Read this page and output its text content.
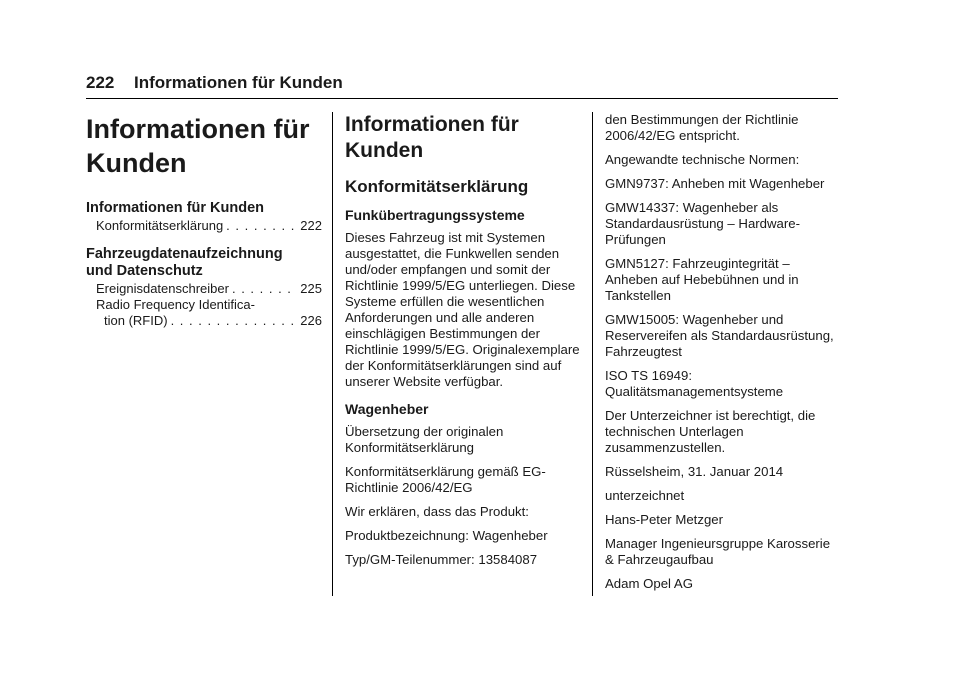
222 Informationen für Kunden
Informationen für
Kunden
Informationen für Kunden
Konformitätserklärung . . .	222
Fahrzeugdatenaufzeichnung
und Datenschutz
Ereignisdatenschreiber . . .	225
Radio Frequency Identifica-
tion (RFID) . . .	226
Informationen für
Kunden
Konformitätserklärung
Funkübertragungssysteme

Dieses Fahrzeug ist mit Systemen ausgestattet, die Funkwellen senden und/oder empfangen und somit der Richtlinie 1999/5/EG unterliegen. Diese Systeme erfüllen die wesentlichen Anforderungen und alle anderen einschlägigen Bestimmungen der Richtlinie 1999/5/EG. Originalexemplare der Konformitätserklärungen sind auf unserer Website verfügbar.

Wagenheber

Übersetzung der originalen Konformitätserklärung

Konformitätserklärung gemäß EG-Richtlinie 2006/42/EG

Wir erklären, dass das Produkt:

Produktbezeichnung: Wagenheber

Typ/GM-Teilenummer: 13584087

den Bestimmungen der Richtlinie 2006/42/EG entspricht.

Angewandte technische Normen:

GMN9737: Anheben mit Wagenheber

GMW14337: Wagenheber als Standardausrüstung – Hardware-Prüfungen

GMN5127: Fahrzeugintegrität – Anheben auf Hebebühnen und in Tankstellen

GMW15005: Wagenheber und Reservereifen als Standardausrüstung, Fahrzeugtest

ISO TS 16949: Qualitätsmanagementsysteme

Der Unterzeichner ist berechtigt, die technischen Unterlagen zusammenzustellen.

Rüsselsheim, 31. Januar 2014

unterzeichnet

Hans-Peter Metzger

Manager Ingenieursgruppe Karosserie & Fahrzeugaufbau

Adam Opel AG
